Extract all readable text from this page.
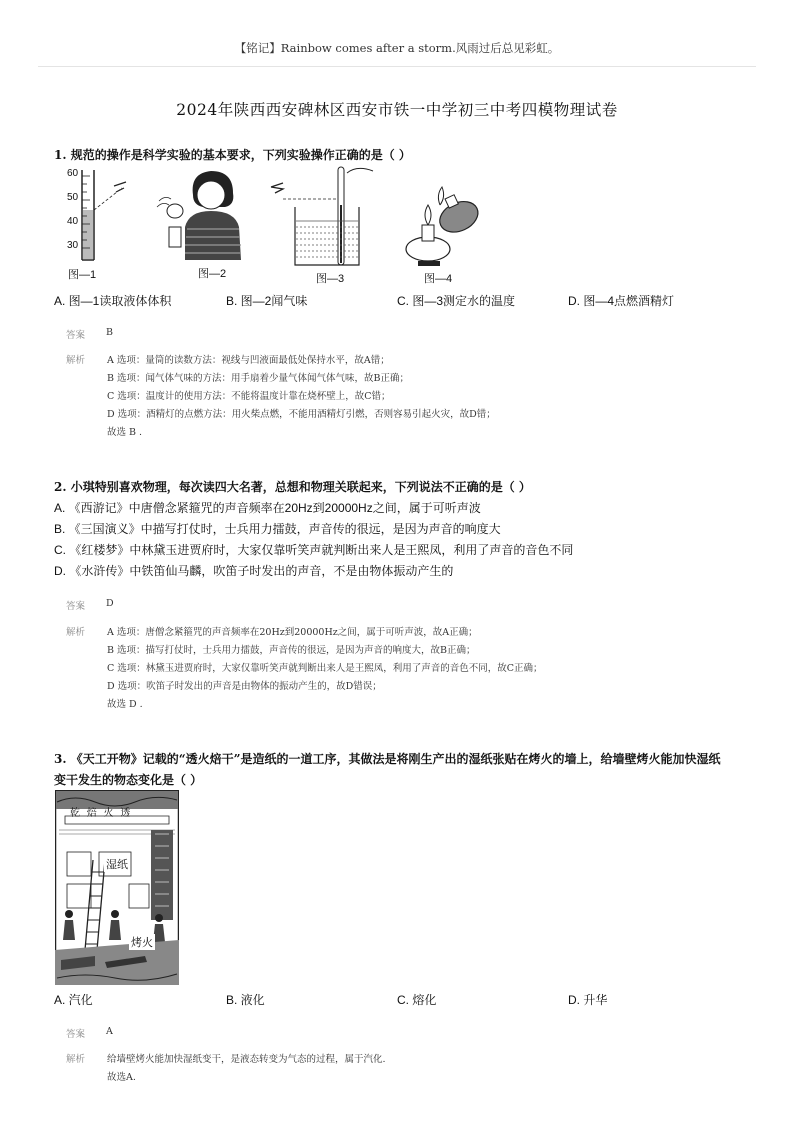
【铭记】Rainbow comes after a storm.风雨过后总见彩虹。
2024年陕西西安碑林区西安市铁一中学初三中考四模物理试卷
1. 规范的操作是科学实验的基本要求，下列实验操作正确的是（ ）
60
50
40
30
图—1	图—2	图—3	图—4
A. 图—1读取液体体积	B. 图—2闻气味	C. 图—3测定水的温度	D. 图—4点燃酒精灯
答案	B
解析	A 选项：量筒的读数方法：视线与凹液面最低处保持水平，故A错；
B 选项：闻气体气味的方法：用手扇着少量气体闻气体气味，故B正确；
C 选项：温度计的使用方法：不能将温度计靠在烧杯壁上，故C错；
D 选项：酒精灯的点燃方法：用火柴点燃，不能用酒精灯引燃，否则容易引起火灾，故D错；
故选 B .
2. 小琪特别喜欢物理，每次读四大名著，总想和物理关联起来，下列说法不正确的是（ ）
A. 《西游记》中唐僧念紧箍咒的声音频率在20Hz到20000Hz之间，属于可听声波
B. 《三国演义》中描写打仗时，士兵用力擂鼓，声音传的很远，是因为声音的响度大
C. 《红楼梦》中林黛玉进贾府时，大家仅靠听笑声就判断出来人是王熙凤，利用了声音的音色不同
D. 《水浒传》中铁笛仙马麟，吹笛子时发出的声音，不是由物体振动产生的
答案	D
解析	A 选项：唐僧念紧箍咒的声音频率在20Hz到20000Hz之间，属于可听声波，故A正确；
B 选项：描写打仗时，士兵用力擂鼓，声音传的很远，是因为声音的响度大，故B正确；
C 选项：林黛玉进贾府时，大家仅靠听笑声就判断出来人是王熙凤，利用了声音的音色不同，故C正确；
D 选项：吹笛子时发出的声音是由物体的振动产生的，故D错误；
故选 D .
3. 《天工开物》记载的“透火焙干”是造纸的一道工序，其做法是将刚生产出的湿纸张贴在烤火的墙上，给墙壁烤火能加快湿纸
变干发生的物态变化是（ ）
乾 焙 火 透
湿纸
烤火
A. 汽化	B. 液化	C. 熔化	D. 升华
答案	A
解析	给墙壁烤火能加快湿纸变干，是液态转变为气态的过程，属于汽化.
故选A.
